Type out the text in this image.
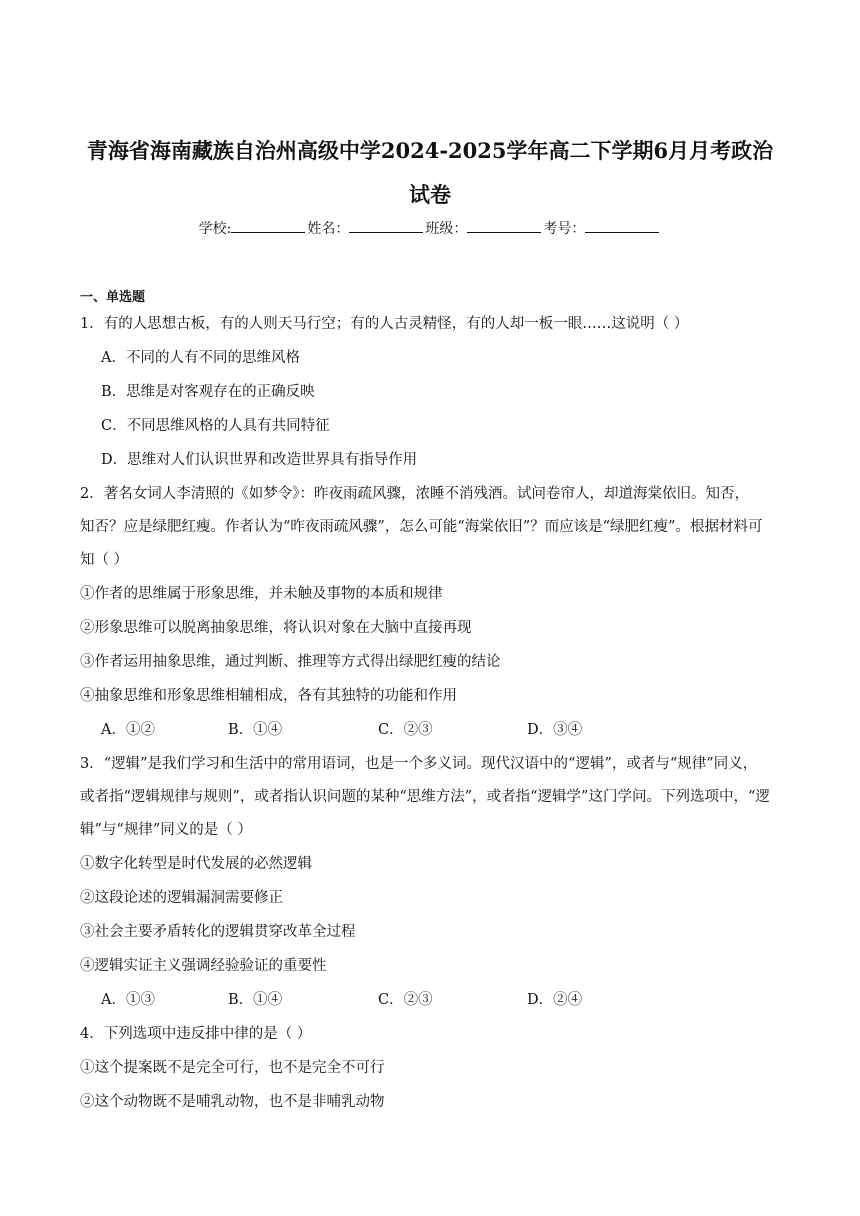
青海省海南藏族自治州高级中学2024-2025学年高二下学期6月月考政治
试卷
学校:	姓名：	班级：	考号：
一、单选题
1．有的人思想古板，有的人则天马行空；有的人古灵精怪，有的人却一板一眼……这说明（ ）
A．不同的人有不同的思维风格
B．思维是对客观存在的正确反映
C．不同思维风格的人具有共同特征
D．思维对人们认识世界和改造世界具有指导作用
2．著名女词人李清照的《如梦令》：昨夜雨疏风骤，浓睡不消残酒。试问卷帘人，却道海棠依旧。知否，
知否？应是绿肥红瘦。作者认为“昨夜雨疏风骤”，怎么可能“海棠依旧”？而应该是“绿肥红瘦”。根据材料可
知（ ）
①作者的思维属于形象思维，并未触及事物的本质和规律
②形象思维可以脱离抽象思维，将认识对象在大脑中直接再现
③作者运用抽象思维，通过判断、推理等方式得出绿肥红瘦的结论
④抽象思维和形象思维相辅相成，各有其独特的功能和作用
A．①②	B．①④	C．②③	D．③④
3．“逻辑”是我们学习和生活中的常用语词，也是一个多义词。现代汉语中的“逻辑”，或者与“规律”同义，
或者指“逻辑规律与规则”，或者指认识问题的某种“思维方法”，或者指“逻辑学”这门学问。下列选项中，“逻
辑”与“规律”同义的是（ ）
①数字化转型是时代发展的必然逻辑
②这段论述的逻辑漏洞需要修正
③社会主要矛盾转化的逻辑贯穿改革全过程
④逻辑实证主义强调经验验证的重要性
A．①③	B．①④	C．②③	D．②④
4．下列选项中违反排中律的是（ ）
①这个提案既不是完全可行，也不是完全不可行
②这个动物既不是哺乳动物，也不是非哺乳动物
